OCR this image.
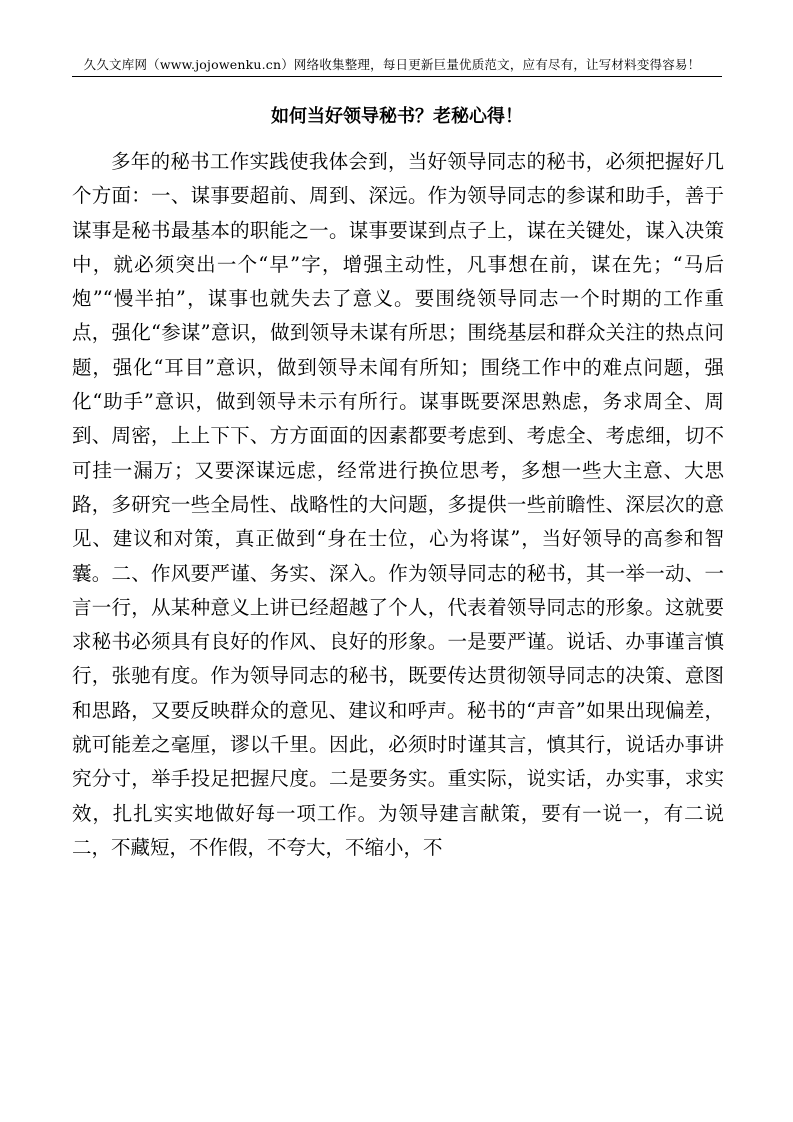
久久文库网（www.jojowenku.cn）网络收集整理，每日更新巨量优质范文，应有尽有，让写材料变得容易！
如何当好领导秘书？老秘心得！

多年的秘书工作实践使我体会到，当好领导同志的秘书，必须把握好几个方面：一、谋事要超前、周到、深远。作为领导同志的参谋和助手，善于谋事是秘书最基本的职能之一。谋事要谋到点子上，谋在关键处，谋入决策中，就必须突出一个“早”字，增强主动性，凡事想在前，谋在先；“马后炮”“慢半拍”，谋事也就失去了意义。要围绕领导同志一个时期的工作重点，强化“参谋”意识，做到领导未谋有所思；围绕基层和群众关注的热点问题，强化“耳目”意识，做到领导未闻有所知；围绕工作中的难点问题，强化“助手”意识，做到领导未示有所行。谋事既要深思熟虑，务求周全、周到、周密，上上下下、方方面面的因素都要考虑到、考虑全、考虑细，切不可挂一漏万；又要深谋远虑，经常进行换位思考，多想一些大主意、大思路，多研究一些全局性、战略性的大问题，多提供一些前瞻性、深层次的意见、建议和对策，真正做到“身在士位，心为将谋”，当好领导的高参和智囊。二、作风要严谨、务实、深入。作为领导同志的秘书，其一举一动、一言一行，从某种意义上讲已经超越了个人，代表着领导同志的形象。这就要求秘书必须具有良好的作风、良好的形象。一是要严谨。说话、办事谨言慎行，张驰有度。作为领导同志的秘书，既要传达贯彻领导同志的决策、意图和思路，又要反映群众的意见、建议和呼声。秘书的“声音”如果出现偏差，就可能差之毫厘，谬以千里。因此，必须时时谨其言，慎其行，说话办事讲究分寸，举手投足把握尺度。二是要务实。重实际，说实话，办实事，求实效，扎扎实实地做好每一项工作。为领导建言献策，要有一说一，有二说二，不藏短，不作假，不夸大，不缩小，不
